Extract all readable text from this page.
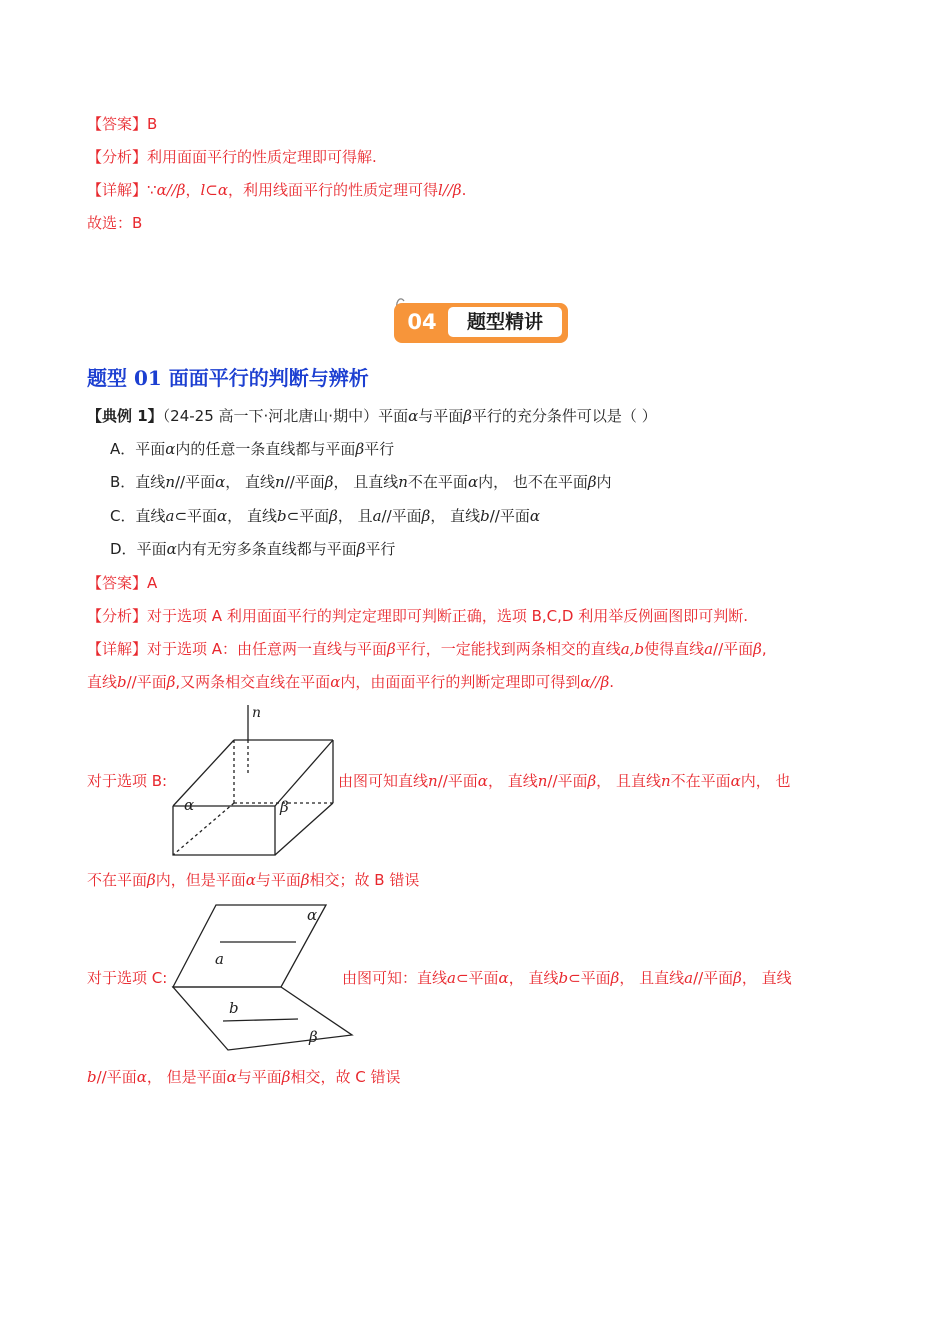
【答案】B
【分析】利用面面平行的性质定理即可得解.
【详解】∵α//β，l⊂α，利用线面平行的性质定理可得l//β.
故选：B
04	题型精讲
题型 01 面面平行的判断与辨析
【典例 1】（24-25 高一下·河北唐山·期中）平面α与平面β平行的充分条件可以是（ ）
A．平面α内的任意一条直线都与平面β平行
B．直线n//平面α， 直线n//平面β， 且直线n不在平面α内， 也不在平面β内
C．直线a⊂平面α， 直线b⊂平面β， 且a//平面β， 直线b//平面α
D．平面α内有无穷多条直线都与平面β平行
【答案】A
【分析】对于选项 A 利用面面平行的判定定理即可判断正确，选项 B,C,D 利用举反例画图即可判断.
【详解】对于选项 A：由任意两一直线与平面β平行，一定能找到两条相交的直线a,b使得直线a//平面β,
直线b//平面β,又两条相交直线在平面α内，由面面平行的判断定理即可得到α//β.
对于选项 B:
n
α	β
由图可知直线n//平面α， 直线n//平面β， 且直线n不在平面α内， 也
不在平面β内，但是平面α与平面β相交；故 B 错误
对于选项 C:
α
a
b
β
由图可知：直线a⊂平面α， 直线b⊂平面β， 且直线a//平面β， 直线
b//平面α， 但是平面α与平面β相交，故 C 错误
